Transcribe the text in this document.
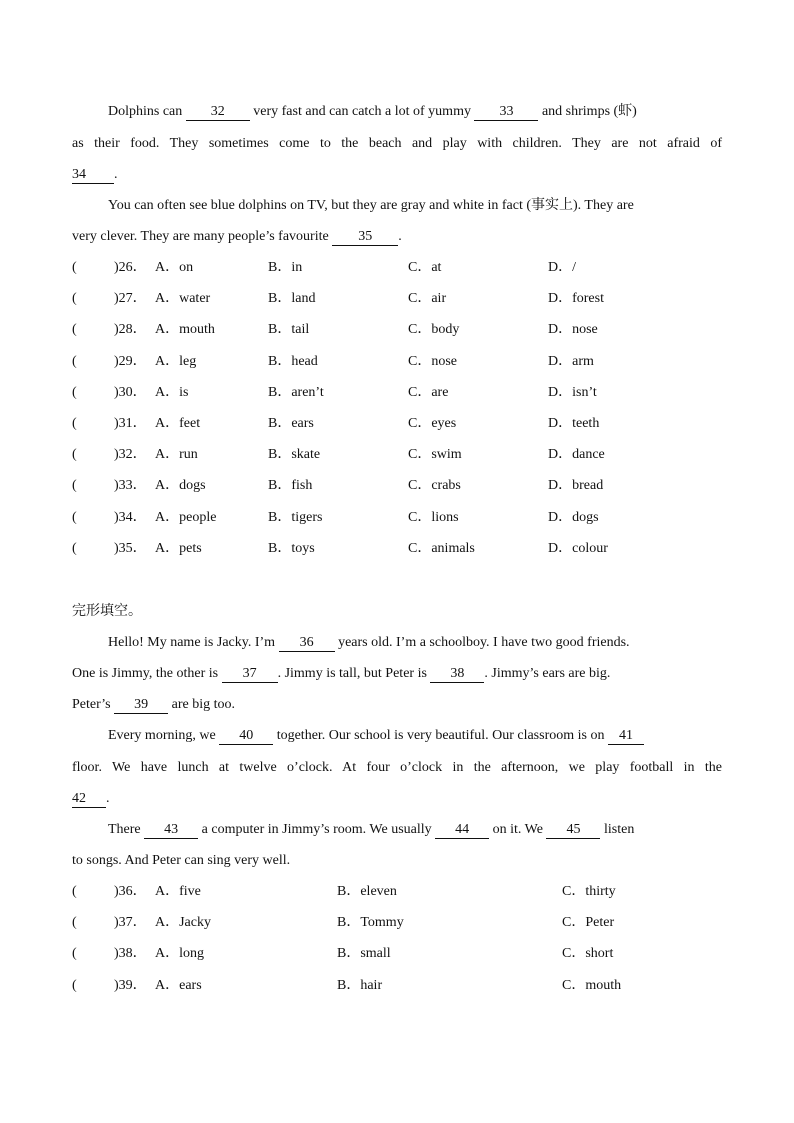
Dolphins can 32 very fast and can catch a lot of yummy 33 and shrimps (虾)
as their food. They sometimes come to the beach and play with children. They are not afraid of
34 .
You can often see blue dolphins on TV, but they are gray and white in fact (事实上). They are
very clever. They are many people’s favourite 35 .
(	)26． A．on	B．in	C．at	D．/
(	)27． A．water	B．land	C．air	D．forest
(	)28． A．mouth	B．tail	C．body	D．nose
(	)29． A．leg	B．head	C．nose	D．arm
(	)30． A．is	B．aren’t	C．are	D．isn’t
(	)31． A．feet	B．ears	C．eyes	D．teeth
(	)32． A．run	B．skate	C．swim	D．dance
(	)33． A．dogs	B．fish	C．crabs	D．bread
(	)34． A．people	B．tigers	C．lions	D．dogs
(	)35． A．pets	B．toys	C．animals	D．colour
完形填空。
Hello! My name is Jacky. I’m 36 years old. I’m a schoolboy. I have two good friends.
One is Jimmy, the other is 37 . Jimmy is tall, but Peter is 38 . Jimmy’s ears are big.
Peter’s 39 are big too.
Every morning, we 40 together. Our school is very beautiful. Our classroom is on 41
floor. We have lunch at twelve o’clock. At four o’clock in the afternoon, we play football in the
42 .
There 43 a computer in Jimmy’s room. We usually 44 on it. We 45 listen
to songs. And Peter can sing very well.
(	)36． A．five	B．eleven	C．thirty
(	)37． A．Jacky	B．Tommy	C．Peter
(	)38． A．long	B．small	C．short
(	)39． A．ears	B．hair	C．mouth
